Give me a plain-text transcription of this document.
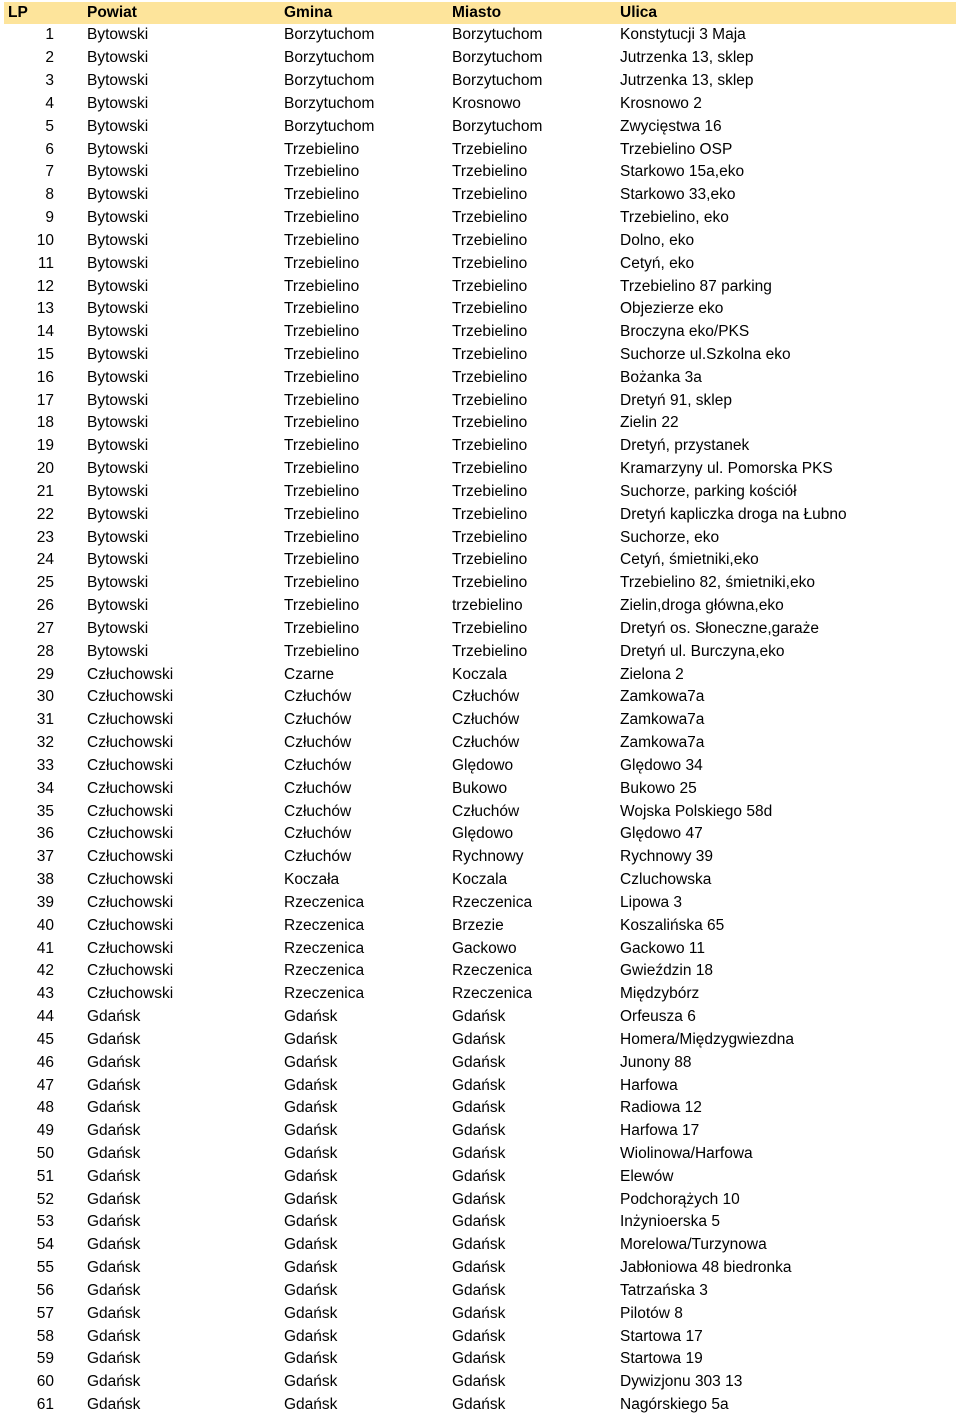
LP	Powiat	Gmina	Miasto	Ulica
1	Bytowski	Borzytuchom	Borzytuchom	Konstytucji 3 Maja
2	Bytowski	Borzytuchom	Borzytuchom	Jutrzenka 13, sklep
3	Bytowski	Borzytuchom	Borzytuchom	Jutrzenka 13, sklep
4	Bytowski	Borzytuchom	Krosnowo	Krosnowo 2
5	Bytowski	Borzytuchom	Borzytuchom	Zwycięstwa 16
6	Bytowski	Trzebielino	Trzebielino	Trzebielino OSP
7	Bytowski	Trzebielino	Trzebielino	Starkowo 15a,eko
8	Bytowski	Trzebielino	Trzebielino	Starkowo 33,eko
9	Bytowski	Trzebielino	Trzebielino	Trzebielino, eko
10	Bytowski	Trzebielino	Trzebielino	Dolno, eko
11	Bytowski	Trzebielino	Trzebielino	Cetyń, eko
12	Bytowski	Trzebielino	Trzebielino	Trzebielino 87 parking
13	Bytowski	Trzebielino	Trzebielino	Objezierze eko
14	Bytowski	Trzebielino	Trzebielino	Broczyna eko/PKS
15	Bytowski	Trzebielino	Trzebielino	Suchorze ul.Szkolna eko
16	Bytowski	Trzebielino	Trzebielino	Bożanka 3a
17	Bytowski	Trzebielino	Trzebielino	Dretyń 91, sklep
18	Bytowski	Trzebielino	Trzebielino	Zielin 22
19	Bytowski	Trzebielino	Trzebielino	Dretyń, przystanek
20	Bytowski	Trzebielino	Trzebielino	Kramarzyny ul. Pomorska PKS
21	Bytowski	Trzebielino	Trzebielino	Suchorze, parking kościół
22	Bytowski	Trzebielino	Trzebielino	Dretyń kapliczka droga na Łubno
23	Bytowski	Trzebielino	Trzebielino	Suchorze, eko
24	Bytowski	Trzebielino	Trzebielino	Cetyń, śmietniki,eko
25	Bytowski	Trzebielino	Trzebielino	Trzebielino 82, śmietniki,eko
26	Bytowski	Trzebielino	trzebielino	Zielin,droga główna,eko
27	Bytowski	Trzebielino	Trzebielino	Dretyń os. Słoneczne,garaże
28	Bytowski	Trzebielino	Trzebielino	Dretyń ul. Burczyna,eko
29	Człuchowski	Czarne	Koczala	Zielona 2
30	Człuchowski	Człuchów	Człuchów	Zamkowa7a
31	Człuchowski	Człuchów	Człuchów	Zamkowa7a
32	Człuchowski	Człuchów	Człuchów	Zamkowa7a
33	Człuchowski	Człuchów	Ględowo	Ględowo 34
34	Człuchowski	Człuchów	Bukowo	Bukowo 25
35	Człuchowski	Człuchów	Człuchów	Wojska Polskiego 58d
36	Człuchowski	Człuchów	Ględowo	Ględowo 47
37	Człuchowski	Człuchów	Rychnowy	Rychnowy 39
38	Człuchowski	Koczała	Koczala	Czluchowska
39	Człuchowski	Rzeczenica	Rzeczenica	Lipowa 3
40	Człuchowski	Rzeczenica	Brzezie	Koszalińska 65
41	Człuchowski	Rzeczenica	Gackowo	Gackowo 11
42	Człuchowski	Rzeczenica	Rzeczenica	Gwieździn 18
43	Człuchowski	Rzeczenica	Rzeczenica	Międzybórz
44	Gdańsk	Gdańsk	Gdańsk	Orfeusza 6
45	Gdańsk	Gdańsk	Gdańsk	Homera/Międzygwiezdna
46	Gdańsk	Gdańsk	Gdańsk	Junony 88
47	Gdańsk	Gdańsk	Gdańsk	Harfowa
48	Gdańsk	Gdańsk	Gdańsk	Radiowa 12
49	Gdańsk	Gdańsk	Gdańsk	Harfowa 17
50	Gdańsk	Gdańsk	Gdańsk	Wiolinowa/Harfowa
51	Gdańsk	Gdańsk	Gdańsk	Elewów
52	Gdańsk	Gdańsk	Gdańsk	Podchorążych 10
53	Gdańsk	Gdańsk	Gdańsk	Inżynioerska 5
54	Gdańsk	Gdańsk	Gdańsk	Morelowa/Turzynowa
55	Gdańsk	Gdańsk	Gdańsk	Jabłoniowa 48 biedronka
56	Gdańsk	Gdańsk	Gdańsk	Tatrzańska 3
57	Gdańsk	Gdańsk	Gdańsk	Pilotów 8
58	Gdańsk	Gdańsk	Gdańsk	Startowa 17
59	Gdańsk	Gdańsk	Gdańsk	Startowa 19
60	Gdańsk	Gdańsk	Gdańsk	Dywizjonu 303 13
61	Gdańsk	Gdańsk	Gdańsk	Nagórskiego 5a
